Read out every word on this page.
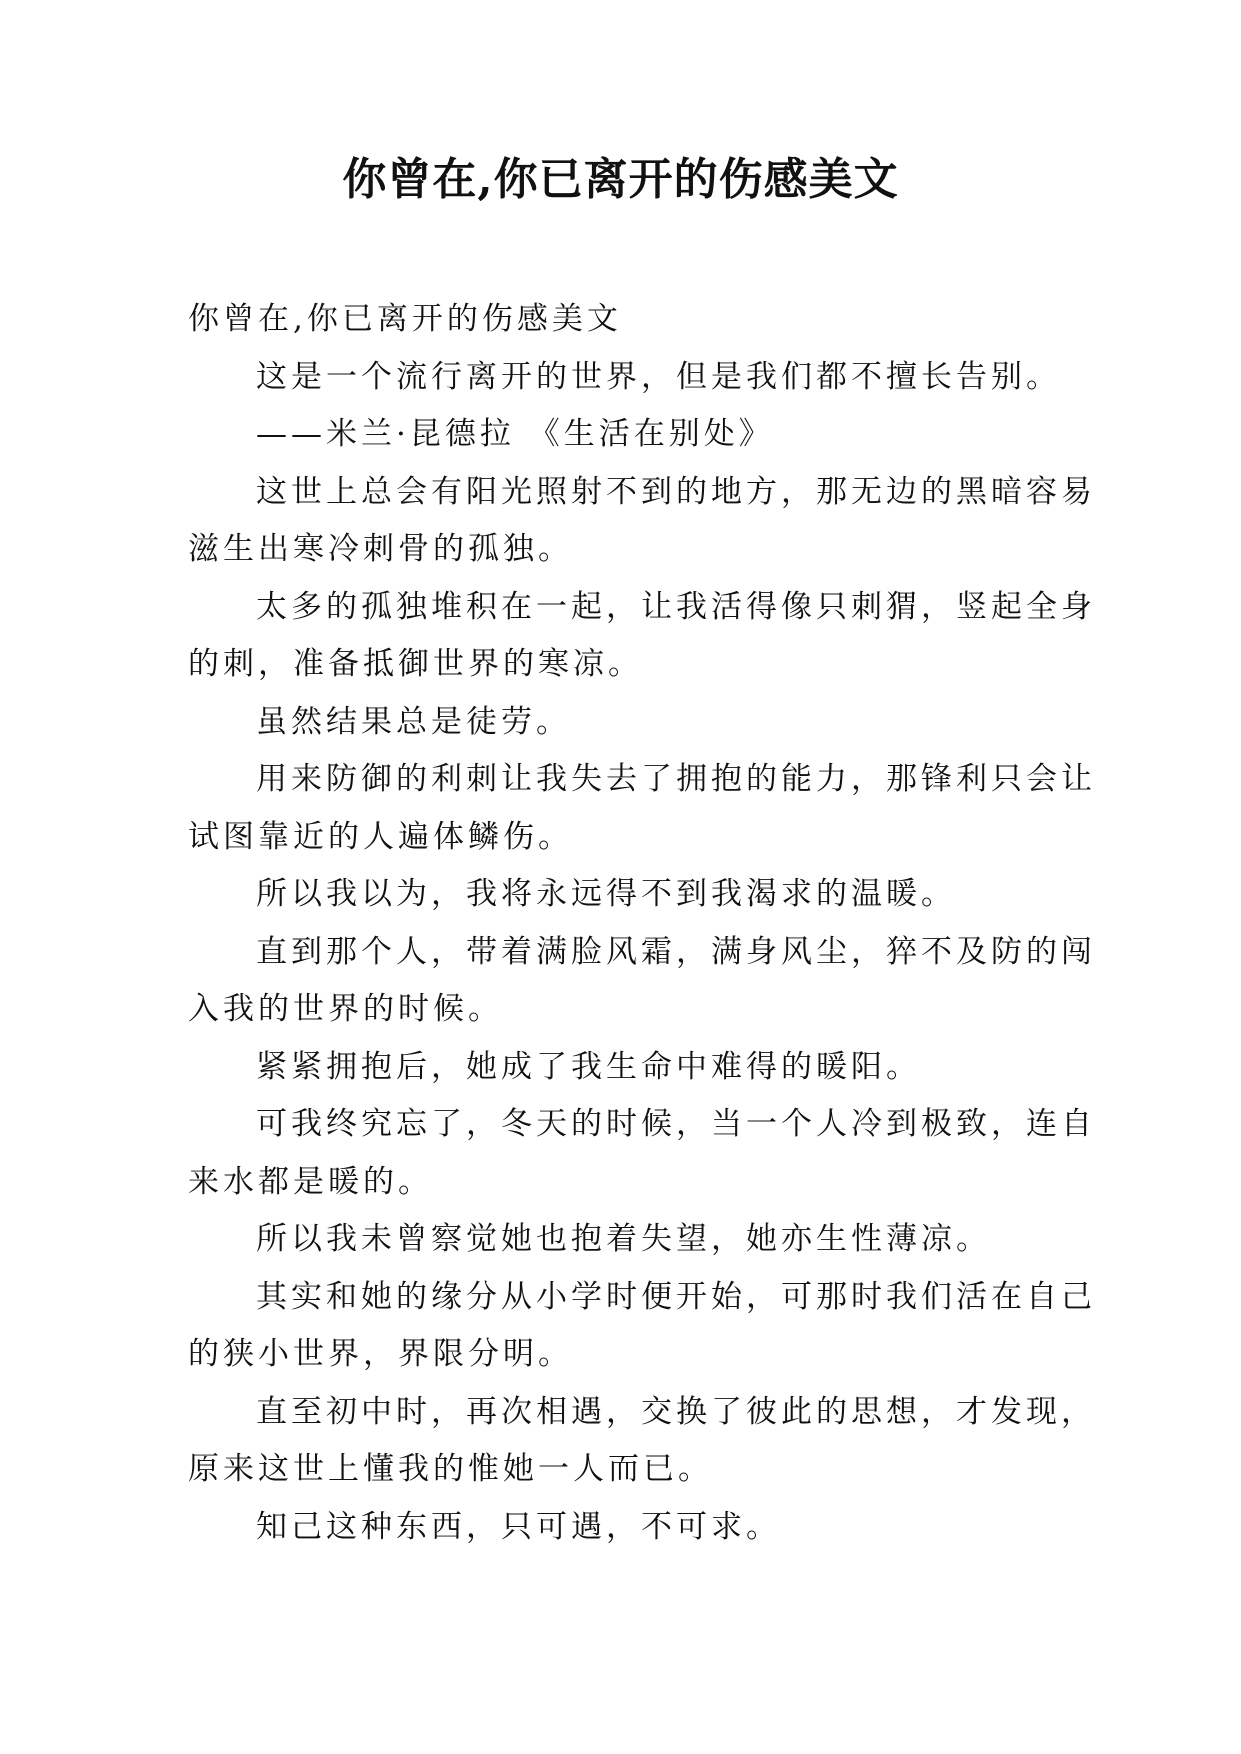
你曾在,你已离开的伤感美文

你曾在,你已离开的伤感美文

这是一个流行离开的世界，但是我们都不擅长告别。

——米兰·昆德拉 《生活在别处》

这世上总会有阳光照射不到的地方，那无边的黑暗容易

滋生出寒冷刺骨的孤独。

太多的孤独堆积在一起，让我活得像只刺猬，竖起全身

的刺，准备抵御世界的寒凉。

虽然结果总是徒劳。

用来防御的利刺让我失去了拥抱的能力，那锋利只会让

试图靠近的人遍体鳞伤。

所以我以为，我将永远得不到我渴求的温暖。

直到那个人，带着满脸风霜，满身风尘，猝不及防的闯

入我的世界的时候。

紧紧拥抱后，她成了我生命中难得的暖阳。

可我终究忘了，冬天的时候，当一个人冷到极致，连自

来水都是暖的。

所以我未曾察觉她也抱着失望，她亦生性薄凉。

其实和她的缘分从小学时便开始，可那时我们活在自己

的狭小世界，界限分明。

直至初中时，再次相遇，交换了彼此的思想，才发现，

原来这世上懂我的惟她一人而已。

知己这种东西，只可遇，不可求。
